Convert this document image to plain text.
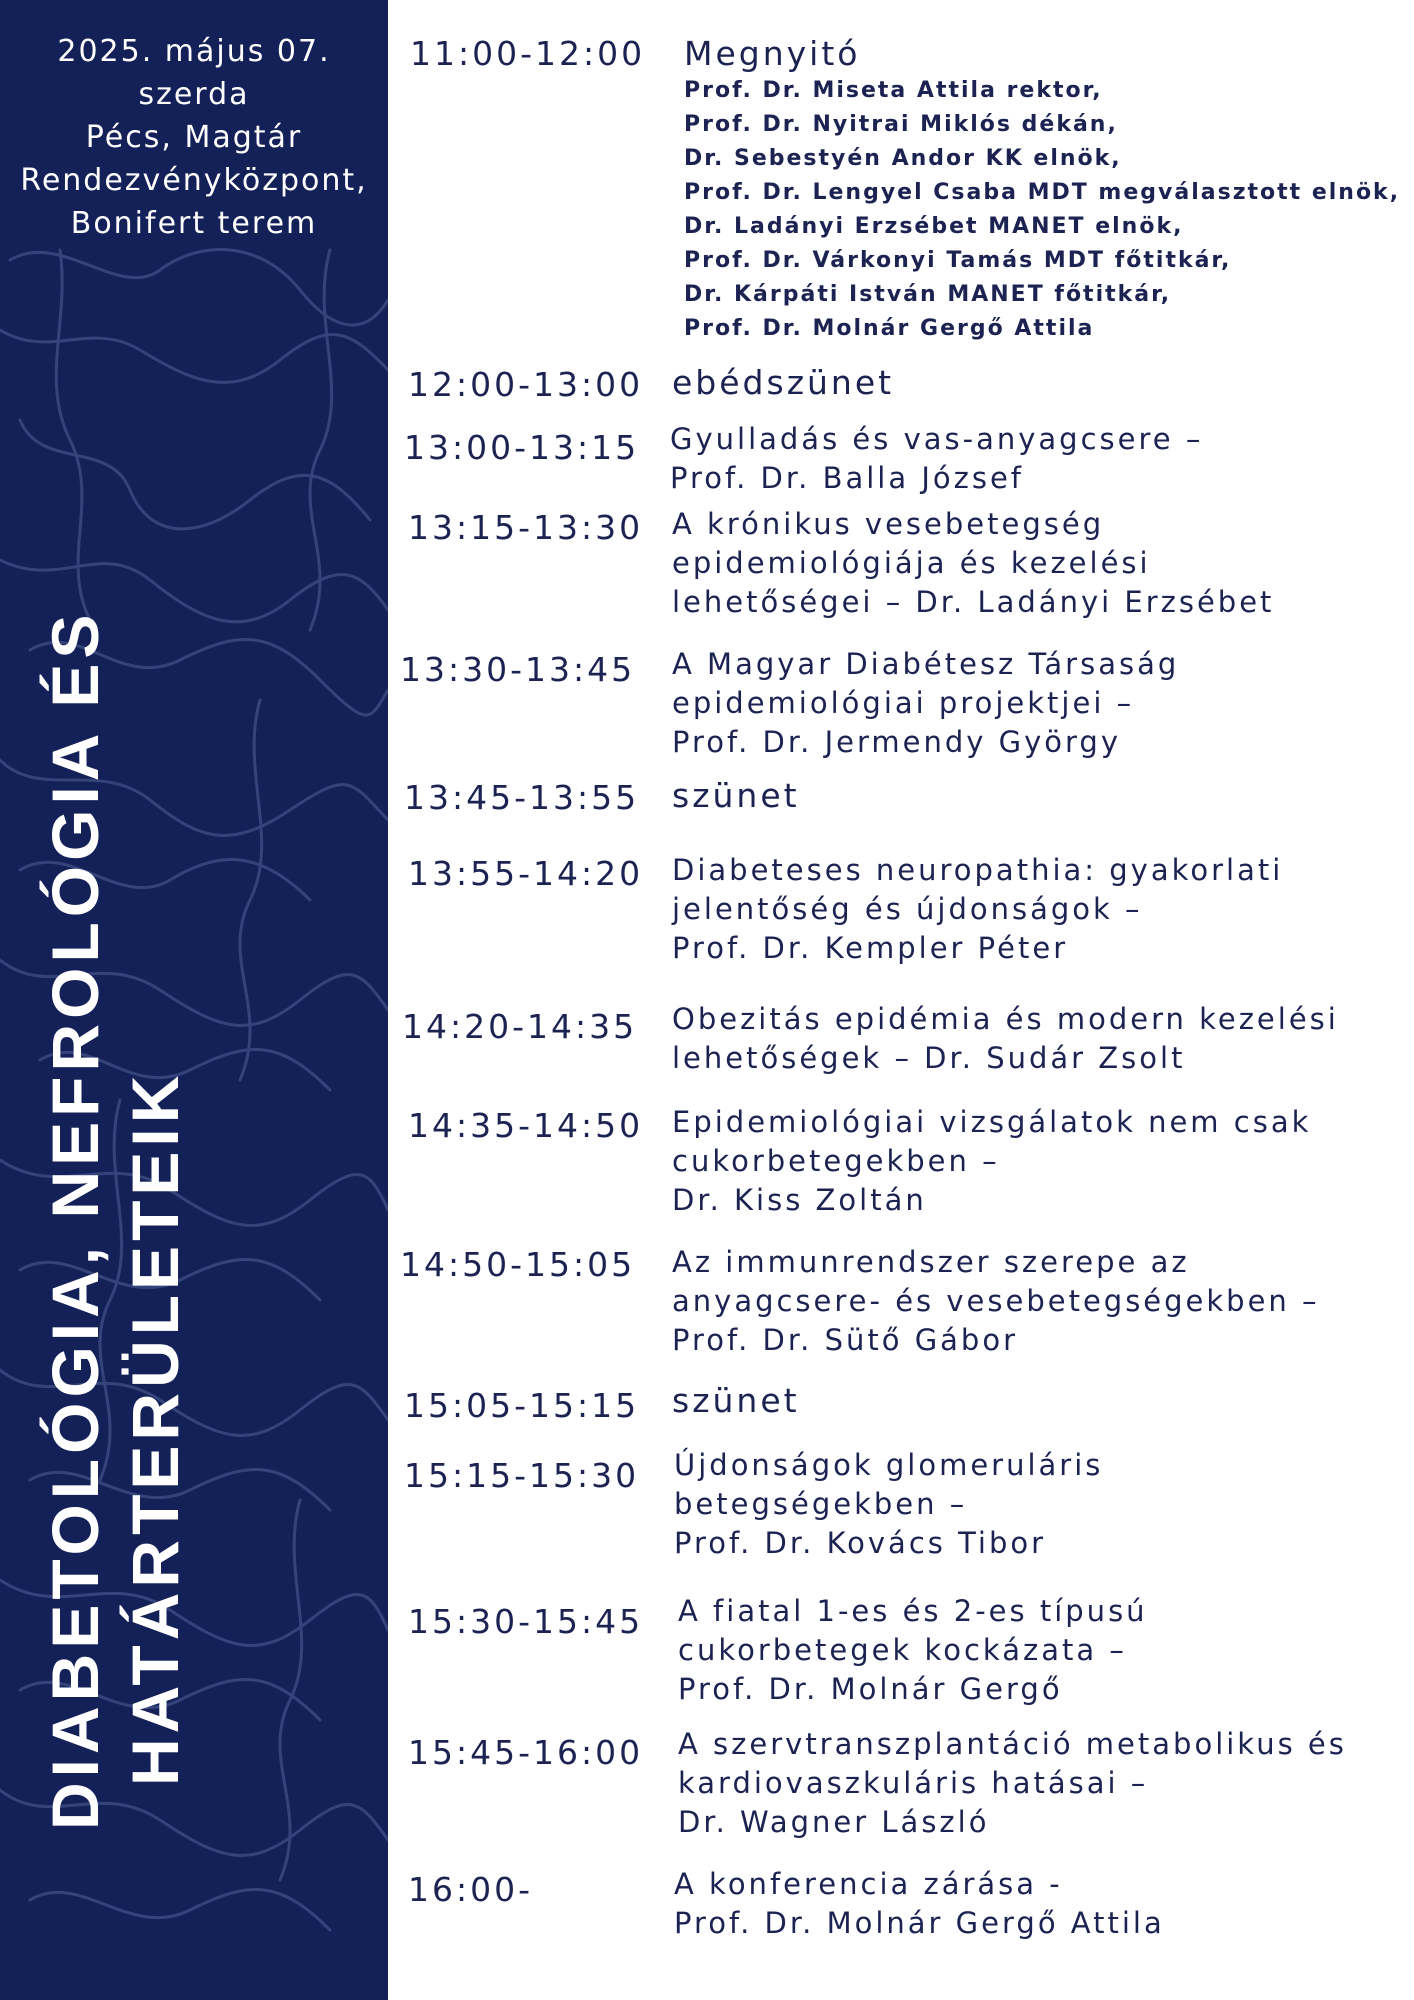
2025. május 07.
szerda
Pécs, Magtár
Rendezvényközpont,
Bonifert terem
DIABETOLÓGIA, NEFROLÓGIA ÉS HATÁRTERÜLETEIK
11:00-12:00 Megnyitó
Prof. Dr. Miseta Attila rektor,
Prof. Dr. Nyitrai Miklós dékán,
Dr. Sebestyén Andor KK elnök,
Prof. Dr. Lengyel Csaba MDT megválasztott elnök,
Dr. Ladányi Erzsébet MANET elnök,
Prof. Dr. Várkonyi Tamás MDT főtitkár,
Dr. Kárpáti István MANET főtitkár,
Prof. Dr. Molnár Gergő Attila
12:00-13:00 ebédszünet
13:00-13:15 Gyulladás és vas-anyagcsere –
Prof. Dr. Balla József
13:15-13:30 A krónikus vesebetegség
epidemiológiája és kezelési
lehetőségei – Dr. Ladányi Erzsébet
13:30-13:45 A Magyar Diabétesz Társaság
epidemiológiai projektjei –
Prof. Dr. Jermendy György
13:45-13:55 szünet
13:55-14:20 Diabeteses neuropathia: gyakorlati
jelentőség és újdonságok –
Prof. Dr. Kempler Péter
14:20-14:35 Obezitás epidémia és modern kezelési
lehetőségek – Dr. Sudár Zsolt
14:35-14:50 Epidemiológiai vizsgálatok nem csak
cukorbetegekben –
Dr. Kiss Zoltán
14:50-15:05 Az immunrendszer szerepe az
anyagcsere- és vesebetegségekben –
Prof. Dr. Sütő Gábor
15:05-15:15 szünet
15:15-15:30 Újdonságok glomeruláris
betegségekben –
Prof. Dr. Kovács Tibor
15:30-15:45 A fiatal 1-es és 2-es típusú
cukorbetegek kockázata –
Prof. Dr. Molnár Gergő
15:45-16:00 A szervtranszplantáció metabolikus és
kardiovaszkuláris hatásai –
Dr. Wagner László
16:00-	A konferencia zárása -
Prof. Dr. Molnár Gergő Attila
